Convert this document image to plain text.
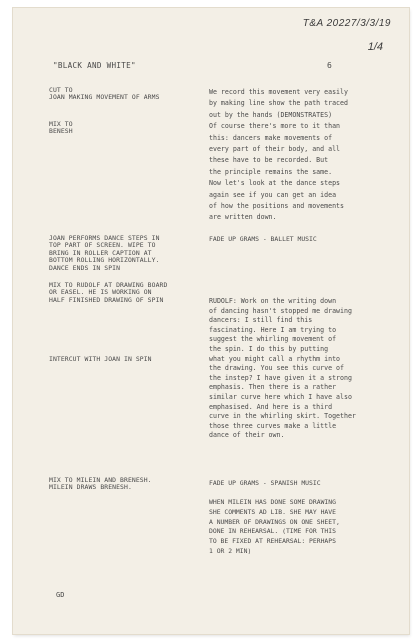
T&A 20227/3/3/19
1/4
"BLACK AND WHITE"	6
CUT TO
JOAN MAKING MOVEMENT OF ARMS
MIX TO
BENESH
JOAN PERFORMS DANCE STEPS IN
TOP PART OF SCREEN. WIPE TO
BRING IN ROLLER CAPTION AT
BOTTOM ROLLING HORIZONTALLY.
DANCE ENDS IN SPIN
MIX TO RUDOLF AT DRAWING BOARD
OR EASEL. HE IS WORKING ON
HALF FINISHED DRAWING OF SPIN
INTERCUT WITH JOAN IN SPIN
MIX TO MILEIN AND BRENESH.
MILEIN DRAWS BRENESH.
We record this movement very easily
by making line show the path traced
out by the hands (DEMONSTRATES)
Of course there's more to it than
this: dancers make movements of
every part of their body, and all
these have to be recorded. But
the principle remains the same.
Now let's look at the dance steps
again see if you can get an idea
of how the positions and movements
are written down.
FADE UP GRAMS - BALLET MUSIC
RUDOLF: Work on the writing down
of dancing hasn't stopped me drawing
dancers: I still find this
fascinating. Here I am trying to
suggest the whirling movement of
the spin. I do this by putting
what you might call a rhythm into
the drawing. You see this curve of
the instep? I have given it a strong
emphasis. Then there is a rather
similar curve here which I have also
emphasised. And here is a third
curve in the whirling skirt. Together
those three curves make a little
dance of their own.
FADE UP GRAMS - SPANISH MUSIC
WHEN MILEIN HAS DONE SOME DRAWING
SHE COMMENTS AD LIB. SHE MAY HAVE
A NUMBER OF DRAWINGS ON ONE SHEET,
DONE IN REHEARSAL. (TIME FOR THIS
TO BE FIXED AT REHEARSAL: PERHAPS
1 OR 2 MIN)
GD
